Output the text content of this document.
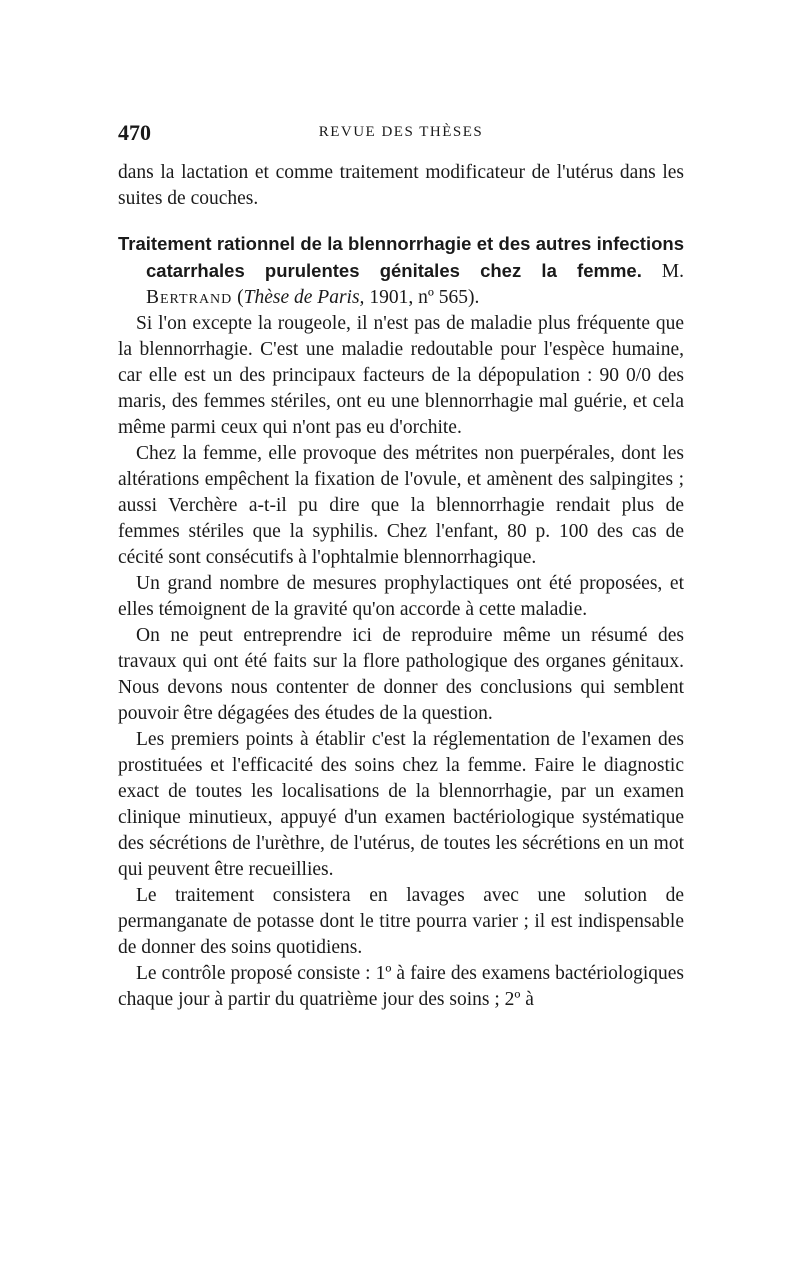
470	REVUE DES THÈSES

dans la lactation et comme traitement modificateur de l'utérus dans les suites de couches.

Traitement rationnel de la blennorrhagie et des autres infections catarrhales purulentes génitales chez la femme. M. Bertrand (Thèse de Paris, 1901, nº 565).

Si l'on excepte la rougeole, il n'est pas de maladie plus fréquente que la blennorrhagie. C'est une maladie redoutable pour l'espèce humaine, car elle est un des principaux facteurs de la dépopulation : 90 0/0 des maris, des femmes stériles, ont eu une blennorrhagie mal guérie, et cela même parmi ceux qui n'ont pas eu d'orchite.

Chez la femme, elle provoque des métrites non puerpérales, dont les altérations empêchent la fixation de l'ovule, et amènent des salpingites ; aussi Verchère a-t-il pu dire que la blennorrhagie rendait plus de femmes stériles que la syphilis. Chez l'enfant, 80 p. 100 des cas de cécité sont consécutifs à l'ophtalmie blennorrhagique.

Un grand nombre de mesures prophylactiques ont été proposées, et elles témoignent de la gravité qu'on accorde à cette maladie.

On ne peut entreprendre ici de reproduire même un résumé des travaux qui ont été faits sur la flore pathologique des organes génitaux. Nous devons nous contenter de donner des conclusions qui semblent pouvoir être dégagées des études de la question.

Les premiers points à établir c'est la réglementation de l'examen des prostituées et l'efficacité des soins chez la femme. Faire le diagnostic exact de toutes les localisations de la blennorrhagie, par un examen clinique minutieux, appuyé d'un examen bactériologique systématique des sécrétions de l'urèthre, de l'utérus, de toutes les sécrétions en un mot qui peuvent être recueillies.

Le traitement consistera en lavages avec une solution de permanganate de potasse dont le titre pourra varier ; il est indispensable de donner des soins quotidiens.

Le contrôle proposé consiste : 1º à faire des examens bactériologiques chaque jour à partir du quatrième jour des soins ; 2º à
